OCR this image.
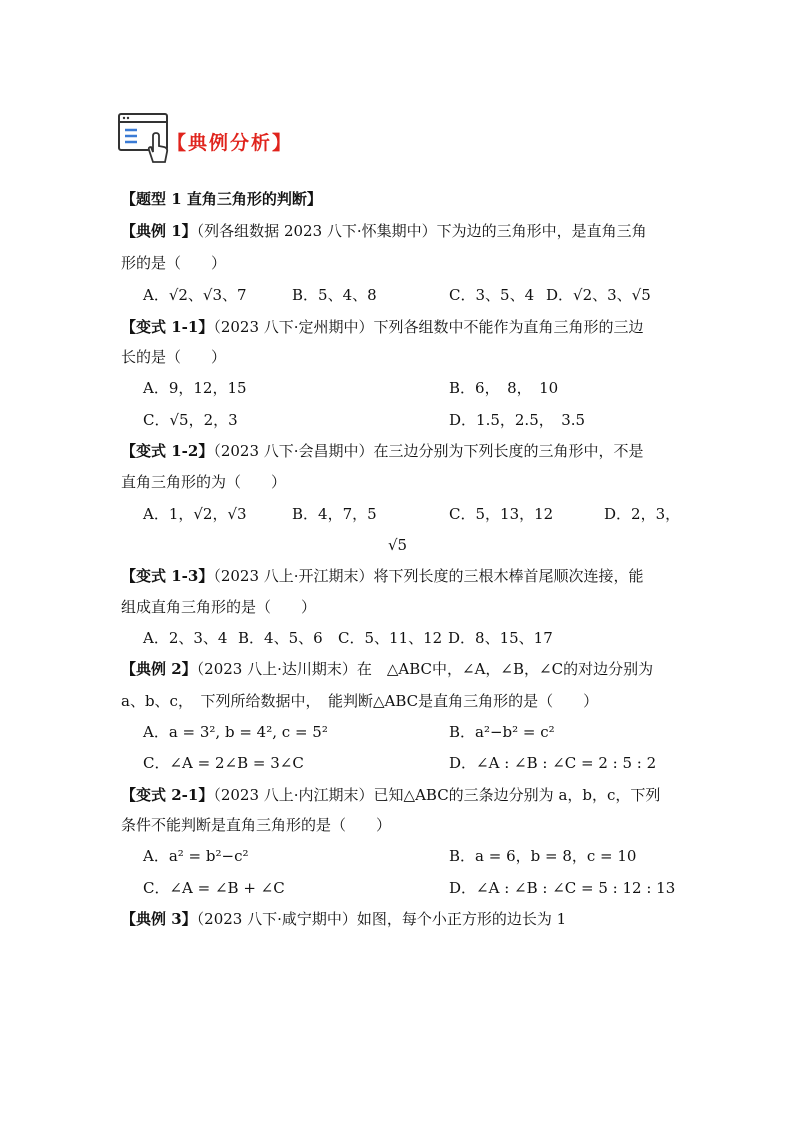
【典例分析】
【题型 1 直角三角形的判断】
【典例 1】（列各组数据 2023 八下·怀集期中）下为边的三角形中，是直角三角
形的是（　　）
A．√2、√3、7	B．5、4、8	C．3、5、4 D．√2、3、√5
【变式 1-1】（2023 八下·定州期中）下列各组数中不能作为直角三角形的三边
长的是（　　）
A．9，12，15	B．6，　8，　10
C．√5，2，3	D．1.5，2.5，　3.5
【变式 1-2】（2023 八下·会昌期中）在三边分别为下列长度的三角形中，不是
直角三角形的为（　　）
A．1，√2，√3	B．4，7，5	C．5，13，12	D．2，3，
√5
【变式 1-3】（2023 八上·开江期末）将下列长度的三根木棒首尾顺次连接，能
组成直角三角形的是（　　）
A．2、3、4 B．4、5、6 C．5、11、12 D．8、15、17
【典例 2】（2023 八上·达川期末）在　△ABC中，∠A，∠B，∠C的对边分别为
a、b、c，　下列所给数据中，　能判断△ABC是直角三角形的是（　　）
A．a = 3², b = 4², c = 5²	B．a²−b² = c²
C．∠A = 2∠B = 3∠C	D．∠A : ∠B : ∠C = 2 : 5 : 2
【变式 2-1】（2023 八上·内江期末）已知△ABC的三条边分别为 a，b，c，下列
条件不能判断是直角三角形的是（　　）
A．a² = b²−c²	B．a = 6，b = 8，c = 10
C．∠A = ∠B + ∠C	D．∠A : ∠B : ∠C = 5 : 12 : 13
【典例 3】（2023 八下·咸宁期中）如图，每个小正方形的边长为 1
